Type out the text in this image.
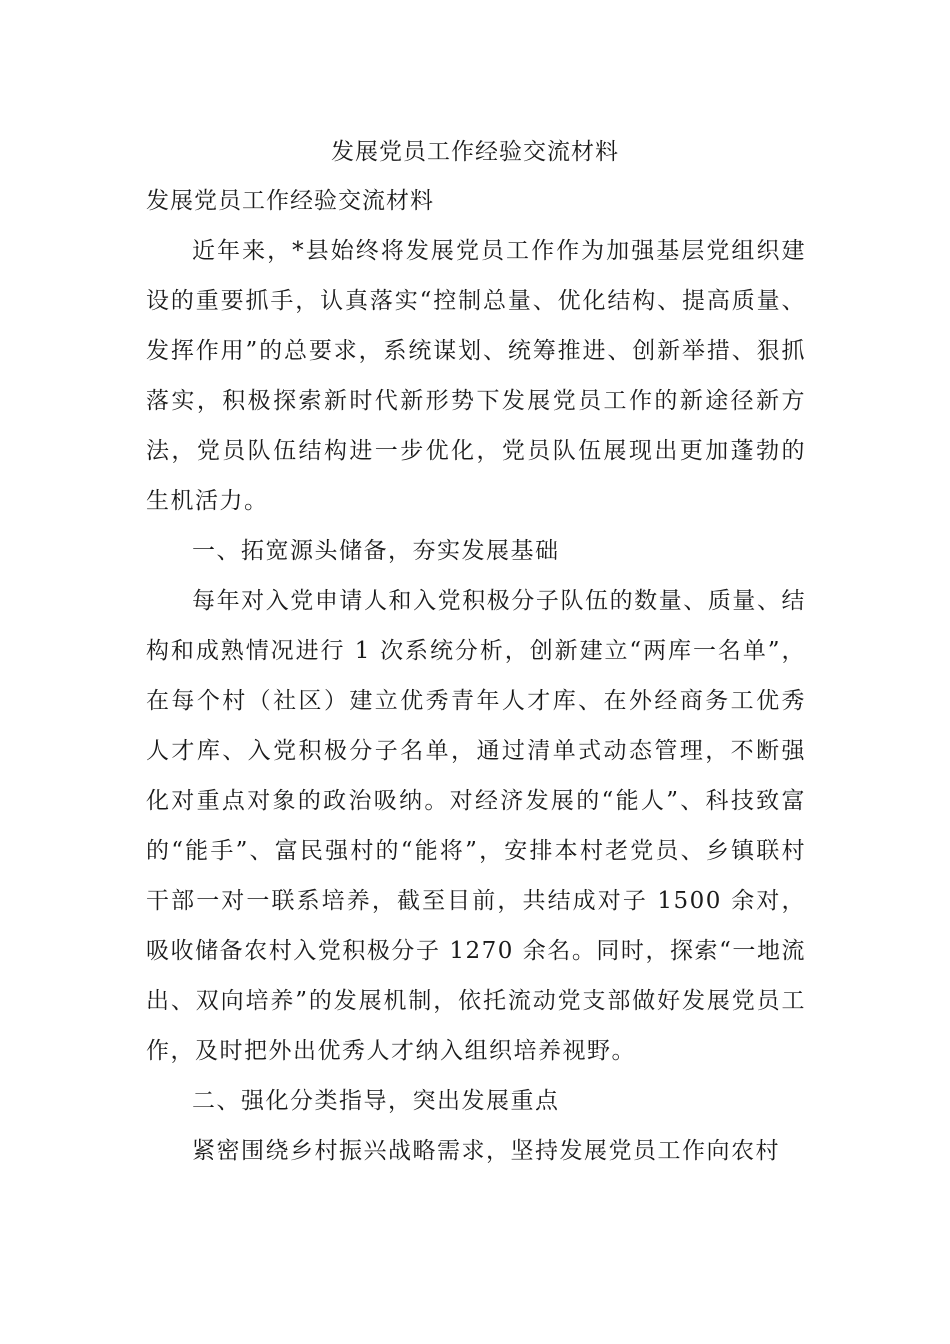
发展党员工作经验交流材料
发展党员工作经验交流材料

近年来，*县始终将发展党员工作作为加强基层党组织建设的重要抓手，认真落实“控制总量、优化结构、提高质量、发挥作用”的总要求，系统谋划、统筹推进、创新举措、狠抓落实，积极探索新时代新形势下发展党员工作的新途径新方法，党员队伍结构进一步优化，党员队伍展现出更加蓬勃的生机活力。

一、拓宽源头储备，夯实发展基础

每年对入党申请人和入党积极分子队伍的数量、质量、结构和成熟情况进行 1 次系统分析，创新建立“两库一名单”，在每个村（社区）建立优秀青年人才库、在外经商务工优秀人才库、入党积极分子名单，通过清单式动态管理，不断强化对重点对象的政治吸纳。对经济发展的“能人”、科技致富的“能手”、富民强村的“能将”，安排本村老党员、乡镇联村干部一对一联系培养，截至目前，共结成对子 1500 余对，吸收储备农村入党积极分子 1270 余名。同时，探索“一地流出、双向培养”的发展机制，依托流动党支部做好发展党员工作，及时把外出优秀人才纳入组织培养视野。

二、强化分类指导，突出发展重点

紧密围绕乡村振兴战略需求，坚持发展党员工作向农村
